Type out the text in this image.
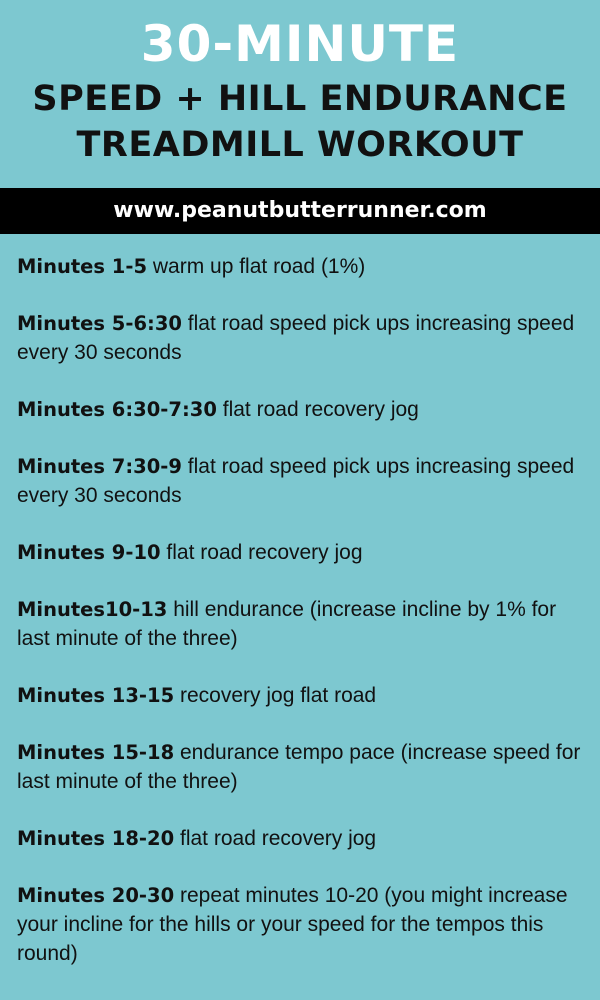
30-MINUTE
SPEED + HILL ENDURANCE
TREADMILL WORKOUT
www.peanutbutterrunner.com
Minutes 1-5 warm up flat road (1%)
Minutes 5-6:30 flat road speed pick ups increasing speed every 30 seconds
Minutes 6:30-7:30 flat road recovery jog
Minutes 7:30-9 flat road speed pick ups increasing speed every 30 seconds
Minutes 9-10 flat road recovery jog
Minutes10-13 hill endurance (increase incline by 1% for last minute of the three)
Minutes 13-15 recovery jog flat road
Minutes 15-18 endurance tempo pace (increase speed for last minute of the three)
Minutes 18-20 flat road recovery jog
Minutes 20-30 repeat minutes 10-20 (you might increase your incline for the hills or your speed for the tempos this round)
